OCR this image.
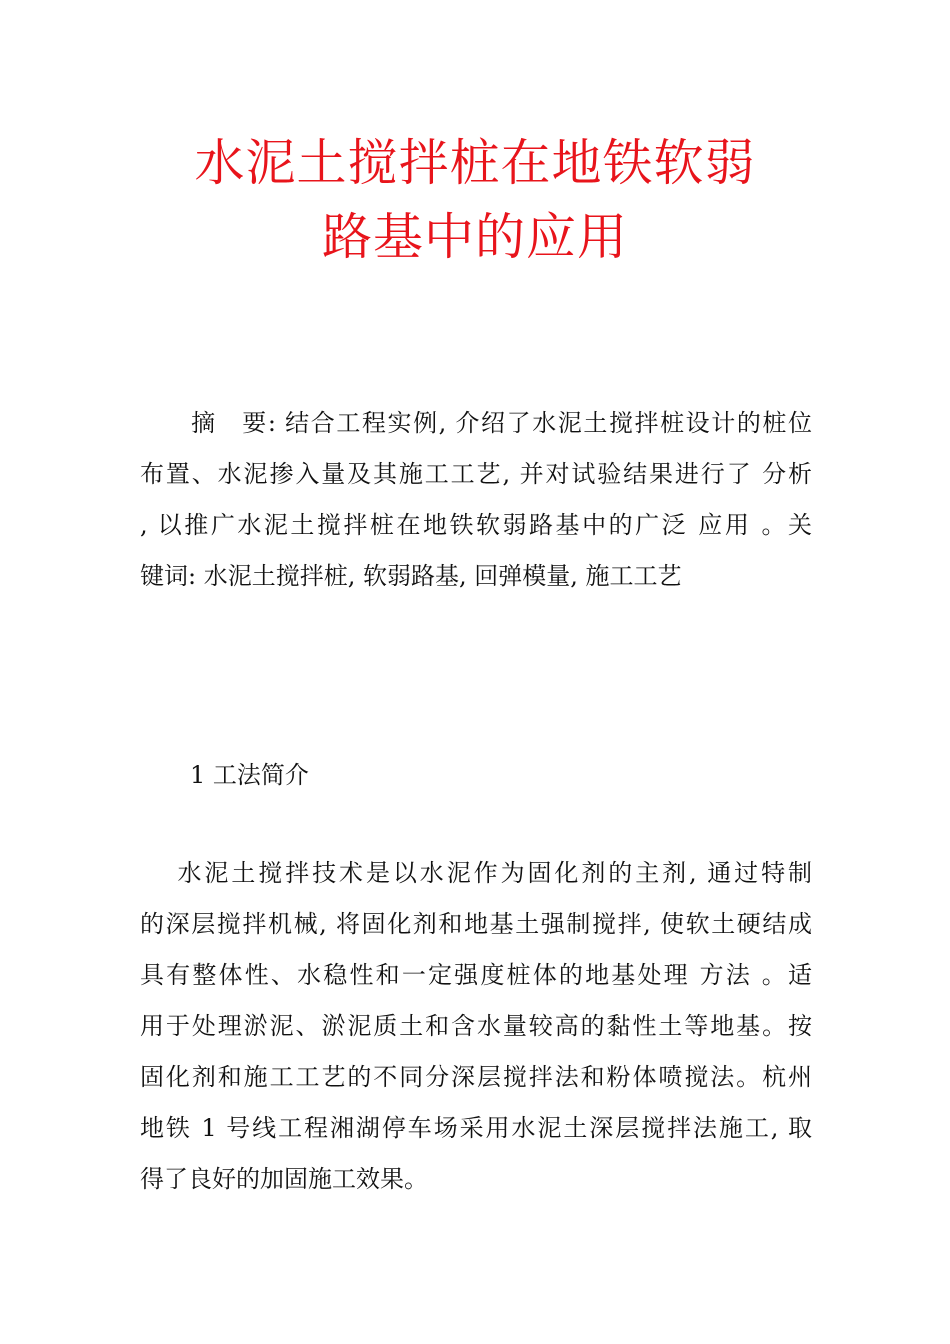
水泥土搅拌桩在地铁软弱
路基中的应用
　　摘　要: 结合工程实例, 介绍了水泥土搅拌桩设计的桩位
布置、水泥掺入量及其施工工艺, 并对试验结果进行了 分析
, 以推广水泥土搅拌桩在地铁软弱路基中的广泛 应用 。关
键词: 水泥土搅拌桩, 软弱路基, 回弹模量, 施工工艺
1 工法简介
　 水泥土搅拌技术是以水泥作为固化剂的主剂, 通过特制
的深层搅拌机械, 将固化剂和地基土强制搅拌, 使软土硬结成
具有整体性、水稳性和一定强度桩体的地基处理 方法 。适
用于处理淤泥、淤泥质土和含水量较高的黏性土等地基。按
固化剂和施工工艺的不同分深层搅拌法和粉体喷搅法。杭州
地铁 1 号线工程湘湖停车场采用水泥土深层搅拌法施工, 取
得了良好的加固施工效果。
